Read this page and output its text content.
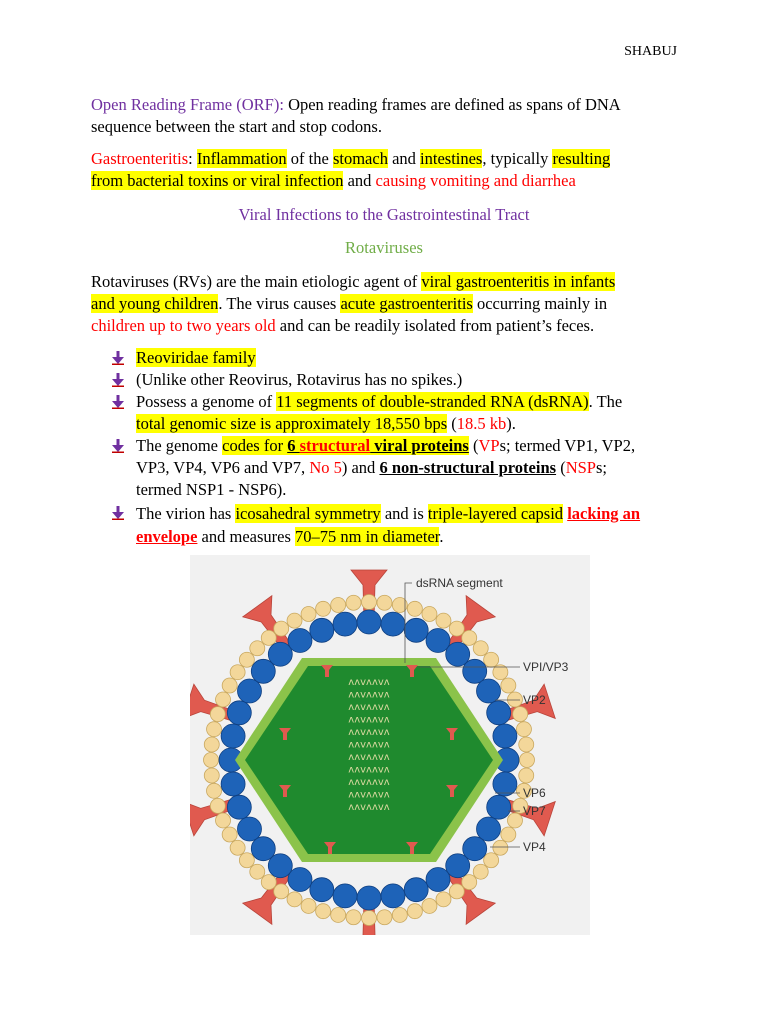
SHABUJ
Open Reading Frame (ORF): Open reading frames are defined as spans of DNA
sequence between the start and stop codons.
Gastroenteritis: Inflammation of the stomach and intestines, typically resulting
from bacterial toxins or viral infection and causing vomiting and diarrhea
Viral Infections to the Gastrointestinal Tract
Rotaviruses
Rotaviruses (RVs) are the main etiologic agent of viral gastroenteritis in infants
and young children. The virus causes acute gastroenteritis occurring mainly in
children up to two years old and can be readily isolated from patient’s feces.
Reoviridae family
(Unlike other Reovirus, Rotavirus has no spikes.)
Possess a genome of 11 segments of double-stranded RNA (dsRNA). The
total genomic size is approximately 18,550 bps (18.5 kb).
The genome codes for 6 structural viral proteins (VPs; termed VP1, VP2,
VP3, VP4, VP6 and VP7, No 5) and 6 non-structural proteins (NSPs;
termed NSP1 - NSP6).
The virion has icosahedral symmetry and is triple-layered capsid lacking an
envelope and measures 70–75 nm in diameter.
ʌʌvʌʌvʌ
ʌʌvʌʌvʌ
ʌʌvʌʌvʌ
ʌʌvʌʌvʌ
ʌʌvʌʌvʌ
ʌʌvʌʌvʌ
ʌʌvʌʌvʌ
ʌʌvʌʌvʌ
ʌʌvʌʌvʌ
ʌʌvʌʌvʌ
ʌʌvʌʌvʌ
dsRNA segment
VPI/VP3
VP2
VP6
VP7
VP4
